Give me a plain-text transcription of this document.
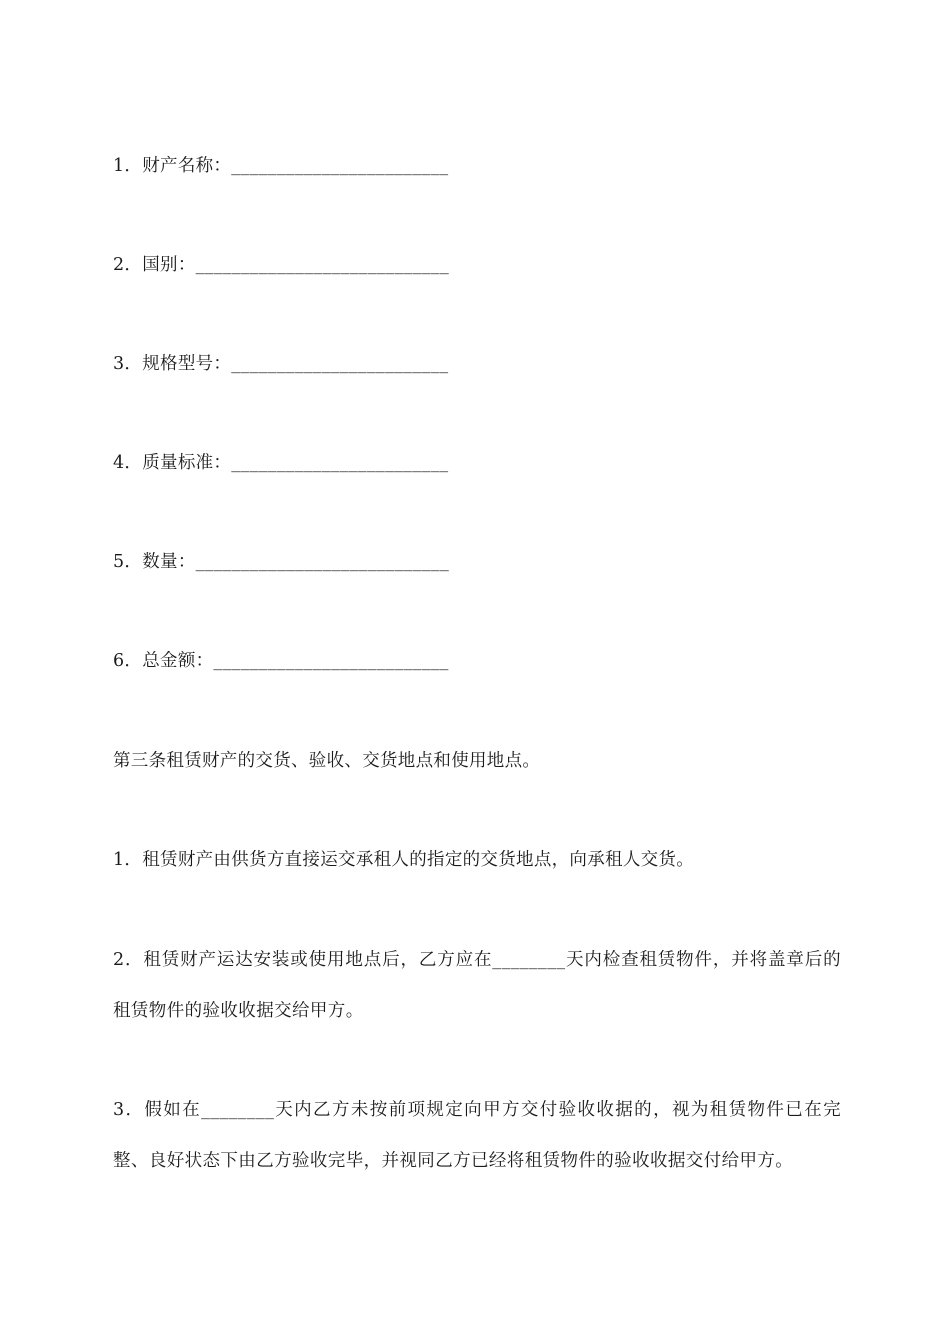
1．财产名称：________________________
2．国别：____________________________
3．规格型号：________________________
4．质量标准：________________________
5．数量：____________________________
6．总金额：__________________________
第三条租赁财产的交货、验收、交货地点和使用地点。
1．租赁财产由供货方直接运交承租人的指定的交货地点，向承租人交货。
2．租赁财产运达安装或使用地点后，乙方应在________天内检查租赁物件，并将盖章后的租赁物件的验收收据交给甲方。
3．假如在________天内乙方未按前项规定向甲方交付验收收据的，视为租赁物件已在完整、良好状态下由乙方验收完毕，并视同乙方已经将租赁物件的验收收据交付给甲方。
